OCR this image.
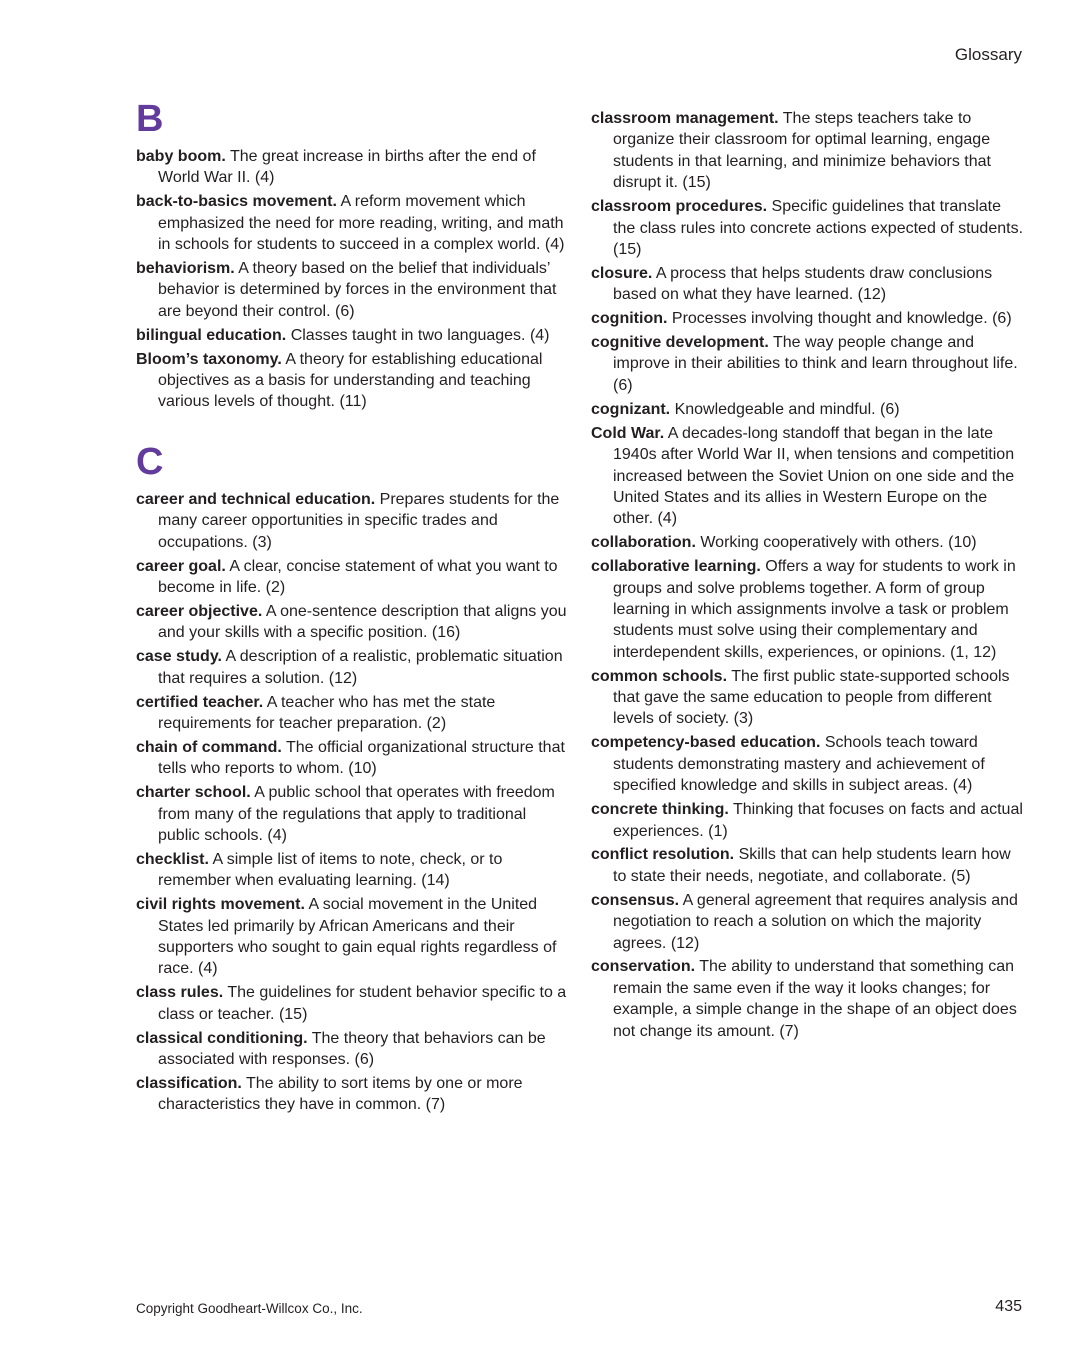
Glossary
B

baby boom. The great increase in births after the end of World War II. (4)

back-to-basics movement. A reform movement which emphasized the need for more reading, writing, and math in schools for students to succeed in a complex world. (4)

behaviorism. A theory based on the belief that individuals’ behavior is determined by forces in the environment that are beyond their control. (6)

bilingual education. Classes taught in two languages. (4)

Bloom’s taxonomy. A theory for establishing educational objectives as a basis for understanding and teaching various levels of thought. (11)

C

career and technical education. Prepares students for the many career opportunities in specific trades and occupations. (3)

career goal. A clear, concise statement of what you want to become in life. (2)

career objective. A one-sentence description that aligns you and your skills with a specific position. (16)

case study. A description of a realistic, problematic situation that requires a solution. (12)

certified teacher. A teacher who has met the state requirements for teacher preparation. (2)

chain of command. The official organizational structure that tells who reports to whom. (10)

charter school. A public school that operates with freedom from many of the regulations that apply to traditional public schools. (4)

checklist. A simple list of items to note, check, or to remember when evaluating learning. (14)

civil rights movement. A social movement in the United States led primarily by African Americans and their supporters who sought to gain equal rights regardless of race. (4)

class rules. The guidelines for student behavior specific to a class or teacher. (15)

classical conditioning. The theory that behaviors can be associated with responses. (6)

classification. The ability to sort items by one or more characteristics they have in common. (7)

classroom management. The steps teachers take to organize their classroom for optimal learning, engage students in that learning, and minimize behaviors that disrupt it. (15)

classroom procedures. Specific guidelines that translate the class rules into concrete actions expected of students. (15)

closure. A process that helps students draw conclusions based on what they have learned. (12)

cognition. Processes involving thought and knowledge. (6)

cognitive development. The way people change and improve in their abilities to think and learn throughout life. (6)

cognizant. Knowledgeable and mindful. (6)

Cold War. A decades-long standoff that began in the late 1940s after World War II, when tensions and competition increased between the Soviet Union on one side and the United States and its allies in Western Europe on the other. (4)

collaboration. Working cooperatively with others. (10)

collaborative learning. Offers a way for students to work in groups and solve problems together. A form of group learning in which assignments involve a task or problem students must solve using their complementary and interdependent skills, experiences, or opinions. (1, 12)

common schools. The first public state-supported schools that gave the same education to people from different levels of society. (3)

competency-based education. Schools teach toward students demonstrating mastery and achievement of specified knowledge and skills in subject areas. (4)

concrete thinking. Thinking that focuses on facts and actual experiences. (1)

conflict resolution. Skills that can help students learn how to state their needs, negotiate, and collaborate. (5)

consensus. A general agreement that requires analysis and negotiation to reach a solution on which the majority agrees. (12)

conservation. The ability to understand that something can remain the same even if the way it looks changes; for example, a simple change in the shape of an object does not change its amount. (7)

Copyright Goodheart-Willcox Co., Inc.	435
